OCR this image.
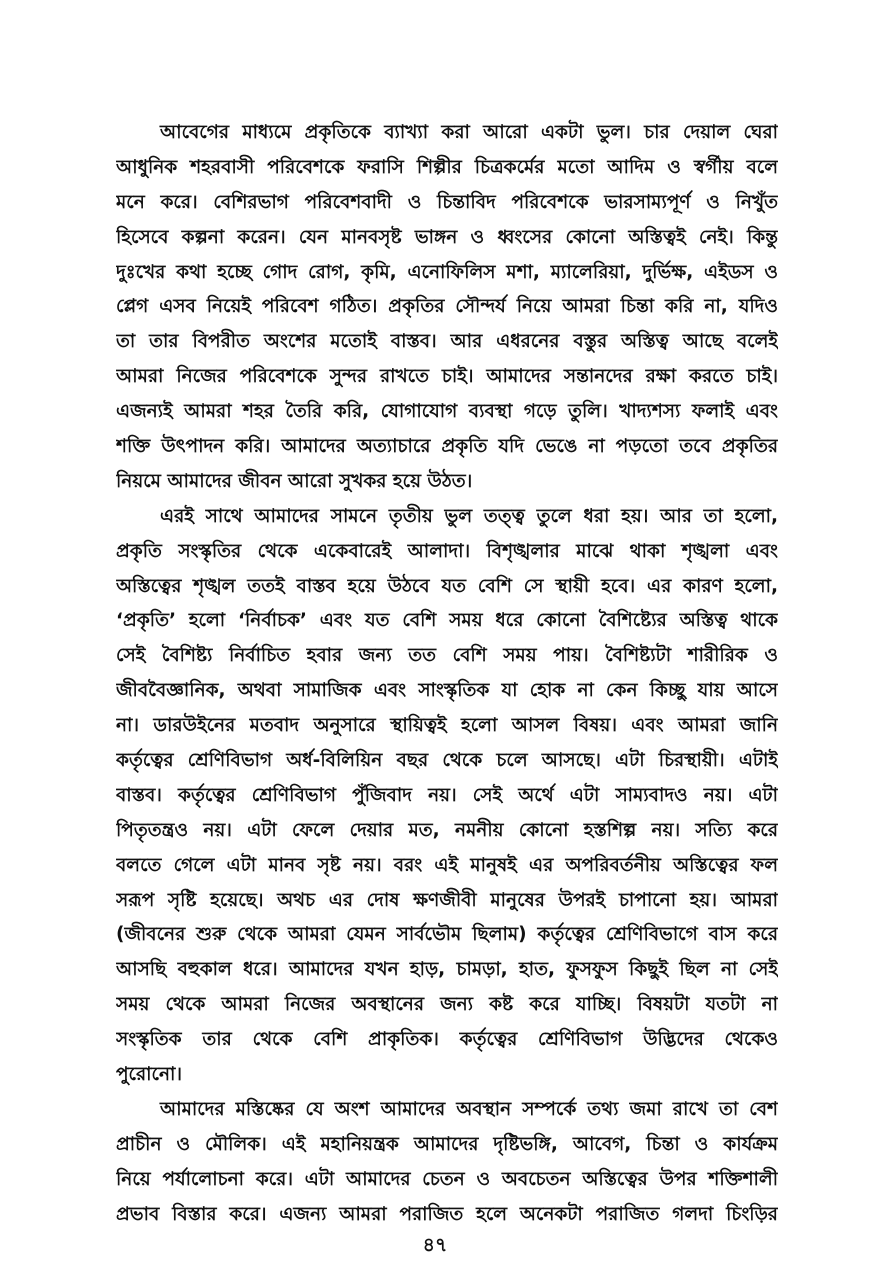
আবেগের মাধ্যমে প্রকৃতিকে ব্যাখ্যা করা আরো একটা ভুল। চার দেয়াল ঘেরা
আধুনিক শহরবাসী পরিবেশকে ফরাসি শিল্পীর চিত্রকর্মের মতো আদিম ও স্বর্গীয় বলে
মনে করে। বেশিরভাগ পরিবেশবাদী ও চিন্তাবিদ পরিবেশকে ভারসাম্যপূর্ণ ও নিখুঁত
হিসেবে কল্পনা করেন। যেন মানবসৃষ্ট ভাঙ্গন ও ধ্বংসের কোনো অস্তিত্বই নেই। কিন্তু
দুঃখের কথা হচ্ছে গোদ রোগ, কৃমি, এনোফিলিস মশা, ম্যালেরিয়া, দুর্ভিক্ষ, এইডস ও
প্লেগ এসব নিয়েই পরিবেশ গঠিত। প্রকৃতির সৌন্দর্য নিয়ে আমরা চিন্তা করি না, যদিও
তা তার বিপরীত অংশের মতোই বাস্তব। আর এধরনের বস্তুর অস্তিত্ব আছে বলেই
আমরা নিজের পরিবেশকে সুন্দর রাখতে চাই। আমাদের সন্তানদের রক্ষা করতে চাই।
এজন্যই আমরা শহর তৈরি করি, যোগাযোগ ব্যবস্থা গড়ে তুলি। খাদ্যশস্য ফলাই এবং
শক্তি উৎপাদন করি। আমাদের অত্যাচারে প্রকৃতি যদি ভেঙে না পড়তো তবে প্রকৃতির
নিয়মে আমাদের জীবন আরো সুখকর হয়ে উঠত।
এরই সাথে আমাদের সামনে তৃতীয় ভুল তত্ত্ব তুলে ধরা হয়। আর তা হলো,
প্রকৃতি সংস্কৃতির থেকে একেবারেই আলাদা। বিশৃঙ্খলার মাঝে থাকা শৃঙ্খলা এবং
অস্তিত্বের শৃঙ্খল ততই বাস্তব হয়ে উঠবে যত বেশি সে স্থায়ী হবে। এর কারণ হলো,
‘প্রকৃতি’ হলো ‘নির্বাচক’ এবং যত বেশি সময় ধরে কোনো বৈশিষ্ট্যের অস্তিত্ব থাকে
সেই বৈশিষ্ট্য নির্বাচিত হবার জন্য তত বেশি সময় পায়। বৈশিষ্ট্যটা শারীরিক ও
জীববৈজ্ঞানিক, অথবা সামাজিক এবং সাংস্কৃতিক যা হোক না কেন কিচ্ছু যায় আসে
না। ডারউইনের মতবাদ অনুসারে স্থায়িত্বই হলো আসল বিষয়। এবং আমরা জানি
কর্তৃত্বের শ্রেণিবিভাগ অর্ধ-বিলিয়িন বছর থেকে চলে আসছে। এটা চিরস্থায়ী। এটাই
বাস্তব। কর্তৃত্বের শ্রেণিবিভাগ পুঁজিবাদ নয়। সেই অর্থে এটা সাম্যবাদও নয়। এটা
পিতৃতন্ত্রও নয়। এটা ফেলে দেয়ার মত, নমনীয় কোনো হস্তশিল্প নয়। সত্যি করে
বলতে গেলে এটা মানব সৃষ্ট নয়। বরং এই মানুষই এর অপরিবর্তনীয় অস্তিত্বের ফল
সরূপ সৃষ্টি হয়েছে। অথচ এর দোষ ক্ষণজীবী মানুষের উপরই চাপানো হয়। আমরা
(জীবনের শুরু থেকে আমরা যেমন সার্বভৌম ছিলাম) কর্তৃত্বের শ্রেণিবিভাগে বাস করে
আসছি বহুকাল ধরে। আমাদের যখন হাড়, চামড়া, হাত, ফুসফুস কিছুই ছিল না সেই
সময় থেকে আমরা নিজের অবস্থানের জন্য কষ্ট করে যাচ্ছি। বিষয়টা যতটা না
সংস্কৃতিক তার থেকে বেশি প্রাকৃতিক। কর্তৃত্বের শ্রেণিবিভাগ উদ্ভিদের থেকেও
পুরোনো।
আমাদের মস্তিষ্কের যে অংশ আমাদের অবস্থান সম্পর্কে তথ্য জমা রাখে তা বেশ
প্রাচীন ও মৌলিক। এই মহানিয়ন্ত্রক আমাদের দৃষ্টিভঙ্গি, আবেগ, চিন্তা ও কার্যক্রম
নিয়ে পর্যালোচনা করে। এটা আমাদের চেতন ও অবচেতন অস্তিত্বের উপর শক্তিশালী
প্রভাব বিস্তার করে। এজন্য আমরা পরাজিত হলে অনেকটা পরাজিত গলদা চিংড়ির
৪৭
